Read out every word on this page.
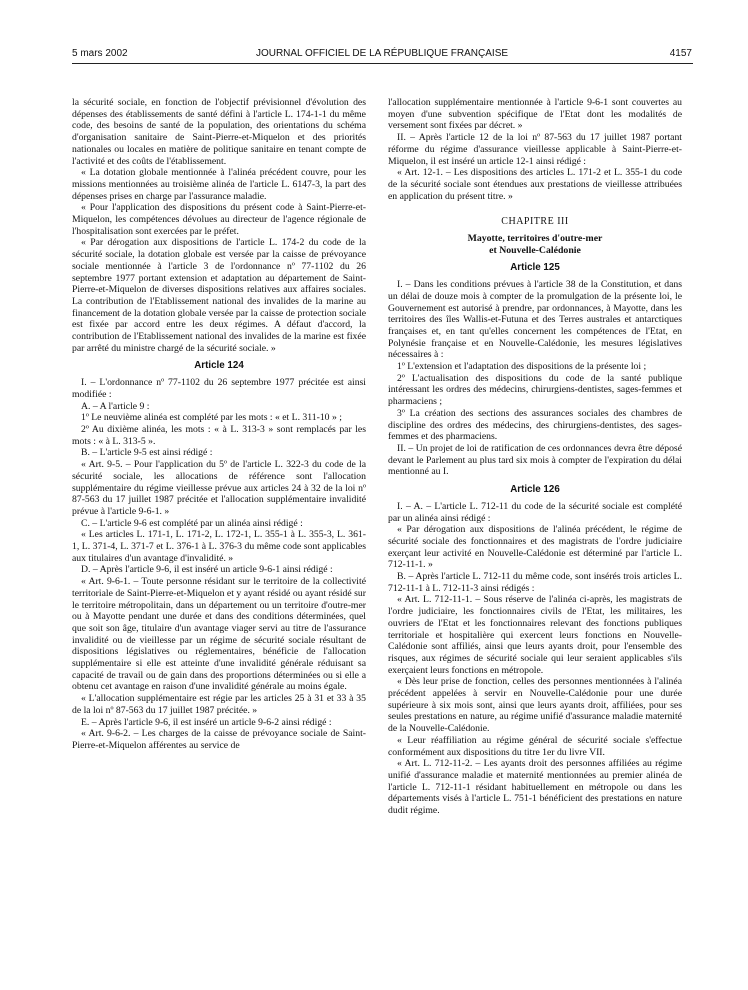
5 mars 2002	JOURNAL OFFICIEL DE LA RÉPUBLIQUE FRANÇAISE	4157

la sécurité sociale, en fonction de l'objectif prévisionnel d'évolution des dépenses des établissements de santé défini à l'article L. 174-1-1 du même code, des besoins de santé de la population, des orientations du schéma d'organisation sanitaire de Saint-Pierre-et-Miquelon et des priorités nationales ou locales en matière de politique sanitaire en tenant compte de l'activité et des coûts de l'établissement.

« La dotation globale mentionnée à l'alinéa précédent couvre, pour les missions mentionnées au troisième alinéa de l'article L. 6147-3, la part des dépenses prises en charge par l'assurance maladie.

« Pour l'application des dispositions du présent code à Saint-Pierre-et-Miquelon, les compétences dévolues au directeur de l'agence régionale de l'hospitalisation sont exercées par le préfet.

« Par dérogation aux dispositions de l'article L. 174-2 du code de la sécurité sociale, la dotation globale est versée par la caisse de prévoyance sociale mentionnée à l'article 3 de l'ordonnance nº 77-1102 du 26 septembre 1977 portant extension et adaptation au département de Saint-Pierre-et-Miquelon de diverses dispositions relatives aux affaires sociales. La contribution de l'Etablissement national des invalides de la marine au financement de la dotation globale versée par la caisse de protection sociale est fixée par accord entre les deux régimes. A défaut d'accord, la contribution de l'Etablissement national des invalides de la marine est fixée par arrêté du ministre chargé de la sécurité sociale. »

Article 124

I. – L'ordonnance nº 77-1102 du 26 septembre 1977 précitée est ainsi modifiée :

A. – A l'article 9 :

1º Le neuvième alinéa est complété par les mots : « et L. 311-10 » ;

2º Au dixième alinéa, les mots : « à L. 313-3 » sont remplacés par les mots : « à L. 313-5 ».

B. – L'article 9-5 est ainsi rédigé :

« Art. 9-5. – Pour l'application du 5º de l'article L. 322-3 du code de la sécurité sociale, les allocations de référence sont l'allocation supplémentaire du régime vieillesse prévue aux articles 24 à 32 de la loi nº 87-563 du 17 juillet 1987 précitée et l'allocation supplémentaire invalidité prévue à l'article 9-6-1. »

C. – L'article 9-6 est complété par un alinéa ainsi rédigé :

« Les articles L. 171-1, L. 171-2, L. 172-1, L. 355-1 à L. 355-3, L. 361-1, L. 371-4, L. 371-7 et L. 376-1 à L. 376-3 du même code sont applicables aux titulaires d'un avantage d'invalidité. »

D. – Après l'article 9-6, il est inséré un article 9-6-1 ainsi rédigé :

« Art. 9-6-1. – Toute personne résidant sur le territoire de la collectivité territoriale de Saint-Pierre-et-Miquelon et y ayant résidé ou ayant résidé sur le territoire métropolitain, dans un département ou un territoire d'outre-mer ou à Mayotte pendant une durée et dans des conditions déterminées, quel que soit son âge, titulaire d'un avantage viager servi au titre de l'assurance invalidité ou de vieillesse par un régime de sécurité sociale résultant de dispositions législatives ou réglementaires, bénéficie de l'allocation supplémentaire si elle est atteinte d'une invalidité générale réduisant sa capacité de travail ou de gain dans des proportions déterminées ou si elle a obtenu cet avantage en raison d'une invalidité générale au moins égale.

« L'allocation supplémentaire est régie par les articles 25 à 31 et 33 à 35 de la loi nº 87-563 du 17 juillet 1987 précitée. »

E. – Après l'article 9-6, il est inséré un article 9-6-2 ainsi rédigé :

« Art. 9-6-2. – Les charges de la caisse de prévoyance sociale de Saint-Pierre-et-Miquelon afférentes au service de

l'allocation supplémentaire mentionnée à l'article 9-6-1 sont couvertes au moyen d'une subvention spécifique de l'Etat dont les modalités de versement sont fixées par décret. »

II. – Après l'article 12 de la loi nº 87-563 du 17 juillet 1987 portant réforme du régime d'assurance vieillesse applicable à Saint-Pierre-et-Miquelon, il est inséré un article 12-1 ainsi rédigé :

« Art. 12-1. – Les dispositions des articles L. 171-2 et L. 355-1 du code de la sécurité sociale sont étendues aux prestations de vieillesse attribuées en application du présent titre. »

CHAPITRE III
Mayotte, territoires d'outre-mer
et Nouvelle-Calédonie
Article 125

I. – Dans les conditions prévues à l'article 38 de la Constitution, et dans un délai de douze mois à compter de la promulgation de la présente loi, le Gouvernement est autorisé à prendre, par ordonnances, à Mayotte, dans les territoires des îles Wallis-et-Futuna et des Terres australes et antarctiques françaises et, en tant qu'elles concernent les compétences de l'Etat, en Polynésie française et en Nouvelle-Calédonie, les mesures législatives nécessaires à :

1º L'extension et l'adaptation des dispositions de la présente loi ;

2º L'actualisation des dispositions du code de la santé publique intéressant les ordres des médecins, chirurgiens-dentistes, sages-femmes et pharmaciens ;

3º La création des sections des assurances sociales des chambres de discipline des ordres des médecins, des chirurgiens-dentistes, des sages-femmes et des pharmaciens.

II. – Un projet de loi de ratification de ces ordonnances devra être déposé devant le Parlement au plus tard six mois à compter de l'expiration du délai mentionné au I.

Article 126

I. – A. – L'article L. 712-11 du code de la sécurité sociale est complété par un alinéa ainsi rédigé :

« Par dérogation aux dispositions de l'alinéa précédent, le régime de sécurité sociale des fonctionnaires et des magistrats de l'ordre judiciaire exerçant leur activité en Nouvelle-Calédonie est déterminé par l'article L. 712-11-1. »

B. – Après l'article L. 712-11 du même code, sont insérés trois articles L. 712-11-1 à L. 712-11-3 ainsi rédigés :

« Art. L. 712-11-1. – Sous réserve de l'alinéa ci-après, les magistrats de l'ordre judiciaire, les fonctionnaires civils de l'Etat, les militaires, les ouvriers de l'Etat et les fonctionnaires relevant des fonctions publiques territoriale et hospitalière qui exercent leurs fonctions en Nouvelle-Calédonie sont affiliés, ainsi que leurs ayants droit, pour l'ensemble des risques, aux régimes de sécurité sociale qui leur seraient applicables s'ils exerçaient leurs fonctions en métropole.

« Dès leur prise de fonction, celles des personnes mentionnées à l'alinéa précédent appelées à servir en Nouvelle-Calédonie pour une durée supérieure à six mois sont, ainsi que leurs ayants droit, affiliées, pour ses seules prestations en nature, au régime unifié d'assurance maladie maternité de la Nouvelle-Calédonie.

« Leur réaffiliation au régime général de sécurité sociale s'effectue conformément aux dispositions du titre 1er du livre VII.

« Art. L. 712-11-2. – Les ayants droit des personnes affiliées au régime unifié d'assurance maladie et maternité mentionnées au premier alinéa de l'article L. 712-11-1 résidant habituellement en métropole ou dans les départements visés à l'article L. 751-1 bénéficient des prestations en nature dudit régime.
